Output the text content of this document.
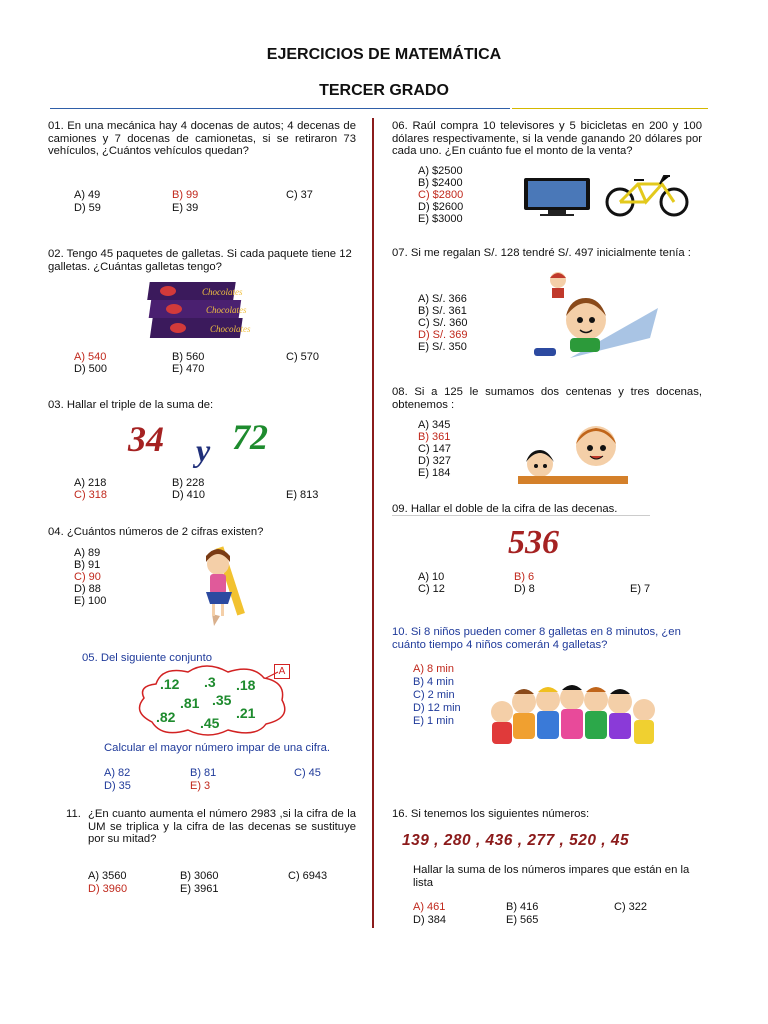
EJERCICIOS DE MATEMÁTICA
TERCER GRADO
01. En una mecánica hay 4 docenas de autos; 4 decenas de camiones y 7 docenas de camionetas, si se retiraron 73 vehículos, ¿Cuántos vehículos quedan?
A) 49	B) 99	C) 37
D) 59	E) 39
02. Tengo 45 paquetes de galletas. Si cada paquete tiene 12 galletas. ¿Cuántas galletas tengo?
Chocolates
Chocolates
Chocolates
A) 540	B) 560	C) 570
D) 500	E) 470
03. Hallar el triple de la suma de:
34 y 72
A) 218	B) 228
C) 318	D) 410	E) 813
04. ¿Cuántos números de 2 cifras existen?
A) 89
B) 91
C) 90
D) 88
E) 100
05. Del siguiente conjunto
A
.12 .3 .18
.81 .35
.82	.21
.45
Calcular el mayor número impar de una cifra.
A) 82	B) 81	C) 45
D) 35	E) 3
11. ¿En cuanto aumenta el número 2983 ,si la cifra de la UM se triplica y la cifra de las decenas se sustituye por su mitad?
A) 3560	B) 3060	C) 6943
D) 3960	E) 3961
06. Raúl compra 10 televisores y 5 bicicletas en 200 y 100 dólares respectivamente, si la vende ganando 20 dólares por cada uno. ¿En cuánto fue el monto de la venta?
A) $2500
B) $2400
C) $2800
D) $2600
E) $3000
07. Si me regalan S/. 128 tendré S/. 497 inicialmente tenía :
A) S/. 366
B) S/. 361
C) S/. 360
D) S/. 369
E) S/. 350
08. Si a 125 le sumamos dos centenas y tres docenas, obtenemos :
A) 345
B) 361
C) 147
D) 327
E) 184
09. Hallar el doble de la cifra de las decenas.
536
A) 10	B) 6
C) 12	D) 8	E) 7
10. Si 8 niños pueden comer 8 galletas en 8 minutos, ¿en cuánto tiempo 4 niños comerán 4 galletas?
A) 8 min
B) 4 min
C) 2 min
D) 12 min
E) 1 min
16. Si tenemos los siguientes números:
139 , 280 , 436 , 277 , 520 , 45
Hallar la suma de los números impares que están en la lista
A) 461	B) 416	C) 322
D) 384	E) 565
